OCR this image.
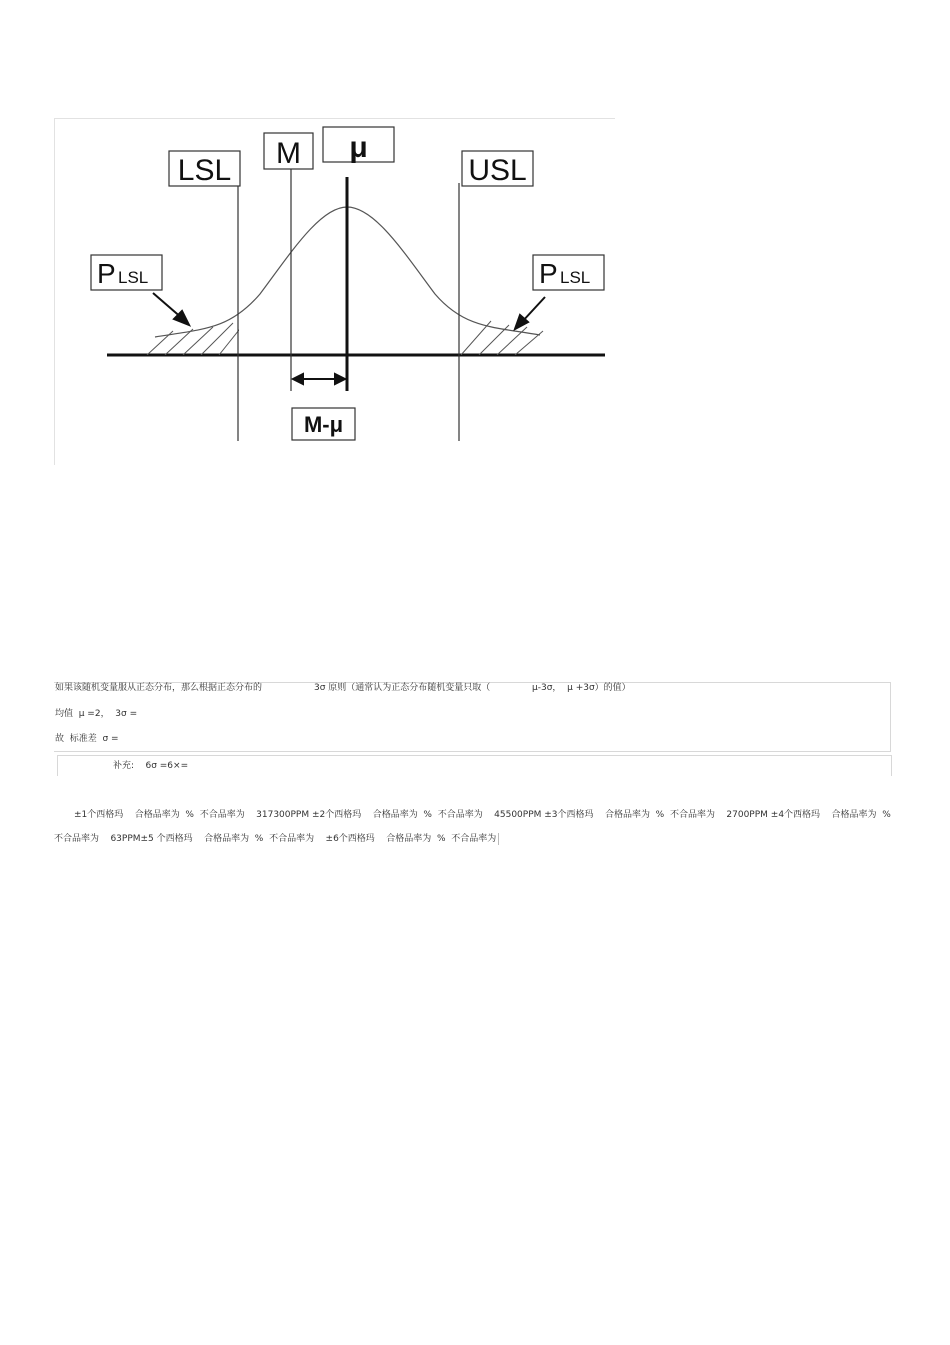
LSL
M μ
USL
P LSL	P LSL
M-μ
如果该随机变量服从正态分布，那么根据正态分布的	3σ 原则（通常认为正态分布随机变量只取（	μ-3σ，  μ +3σ）的值）
均值  μ =2，  3σ =
故  标准差  σ =
补充:    6σ =6×=
±1个西格玛    合格品率为  %  不合品率为    317300PPM ±2个西格玛    合格品率为  %  不合品率为    45500PPM ±3个西格玛    合格品率为  %  不合品率为    2700PPM ±4个西格玛    合格品率为  %  不合品率为    63PPM±5 个西格玛    合格品率为  %  不合品率为    ±6个西格玛    合格品率为  %  不合品率为
